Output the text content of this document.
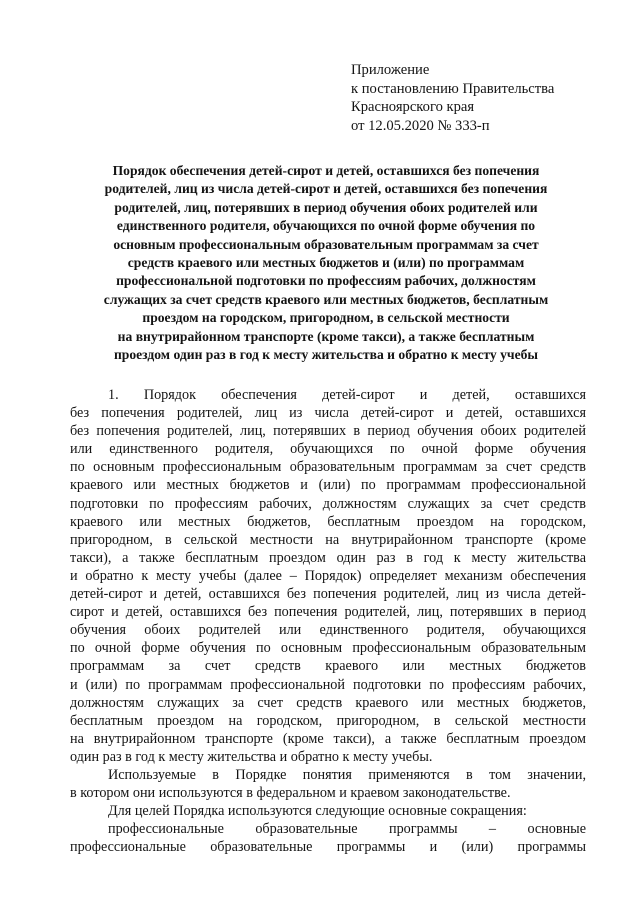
Приложение
к постановлению Правительства
Красноярского края
от 12.05.2020 № 333-п
Порядок обеспечения детей-сирот и детей, оставшихся без попечения
родителей, лиц из числа детей-сирот и детей, оставшихся без попечения
родителей, лиц, потерявших в период обучения обоих родителей или
единственного родителя, обучающихся по очной форме обучения по
основным профессиональным образовательным программам за счет
средств краевого или местных бюджетов и (или) по программам
профессиональной подготовки по профессиям рабочих, должностям
служащих за счет средств краевого или местных бюджетов, бесплатным
проездом на городском, пригородном, в сельской местности
на внутрирайонном транспорте (кроме такси), а также бесплатным
проездом один раз в год к месту жительства и обратно к месту учебы
1. Порядок обеспечения детей-сирот и детей, оставшихся
без попечения родителей, лиц из числа детей-сирот и детей, оставшихся
без попечения родителей, лиц, потерявших в период обучения обоих родителей
или единственного родителя, обучающихся по очной форме обучения
по основным профессиональным образовательным программам за счет средств
краевого или местных бюджетов и (или) по программам профессиональной
подготовки по профессиям рабочих, должностям служащих за счет средств
краевого или местных бюджетов, бесплатным проездом на городском,
пригородном, в сельской местности на внутрирайонном транспорте (кроме
такси), а также бесплатным проездом один раз в год к месту жительства
и обратно к месту учебы (далее – Порядок) определяет механизм обеспечения
детей-сирот и детей, оставшихся без попечения родителей, лиц из числа детей-
сирот и детей, оставшихся без попечения родителей, лиц, потерявших в период
обучения обоих родителей или единственного родителя, обучающихся
по очной форме обучения по основным профессиональным образовательным
программам за счет средств краевого или местных бюджетов
и (или) по программам профессиональной подготовки по профессиям рабочих,
должностям служащих за счет средств краевого или местных бюджетов,
бесплатным проездом на городском, пригородном, в сельской местности
на внутрирайонном транспорте (кроме такси), а также бесплатным проездом
один раз в год к месту жительства и обратно к месту учебы.
Используемые в Порядке понятия применяются в том значении,
в котором они используются в федеральном и краевом законодательстве.
Для целей Порядка используются следующие основные сокращения:
профессиональные образовательные программы – основные
профессиональные образовательные программы и (или) программы
